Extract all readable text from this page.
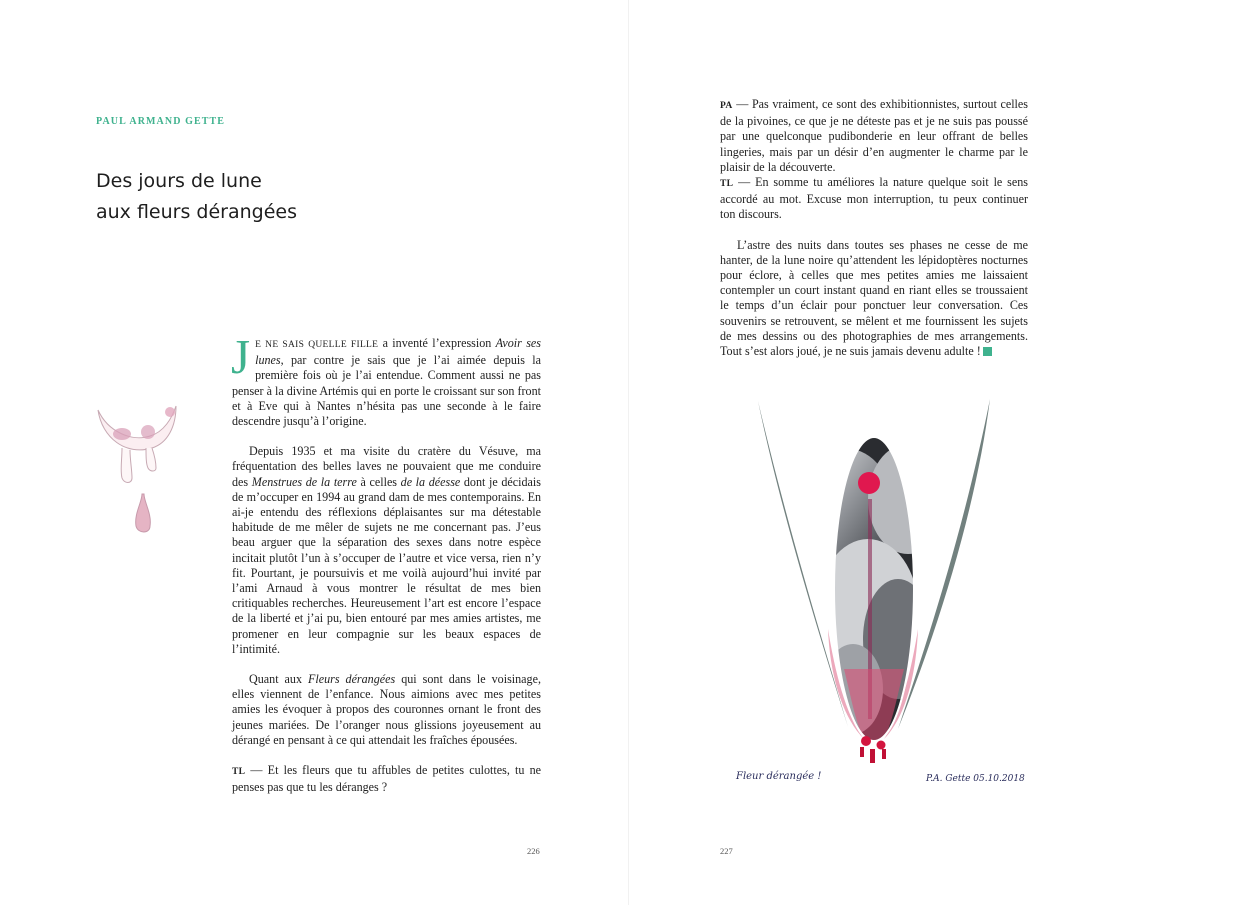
PAUL ARMAND GETTE
Des jours de lune
aux fleurs dérangées

J E NE SAIS QUELLE FILLE a inventé l’expression Avoir ses lunes, par contre je sais que je l’ai aimée depuis la première fois où je l’ai entendue. Comment aussi ne pas penser à la divine Artémis qui en porte le croissant sur son front et à Eve qui à Nantes n’hésita pas une seconde à le faire descendre jusqu’à l’origine.

Depuis 1935 et ma visite du cratère du Vésuve, ma fréquentation des belles laves ne pouvaient que me conduire des Menstrues de la terre à celles de la déesse dont je décidais de m’occuper en 1994 au grand dam de mes contemporains. En ai-je entendu des réflexions déplaisantes sur ma détestable habitude de me mêler de sujets ne me concernant pas. J’eus beau arguer que la séparation des sexes dans notre espèce incitait plutôt l’un à s’occuper de l’autre et vice versa, rien n’y fit. Pourtant, je poursuivis et me voilà aujourd’hui invité par l’ami Arnaud à vous montrer le résultat de mes bien critiquables recherches. Heureusement l’art est encore l’espace de la liberté et j’ai pu, bien entouré par mes amies artistes, me promener en leur compagnie sur les beaux espaces de l’intimité.

Quant aux Fleurs dérangées qui sont dans le voisinage, elles viennent de l’enfance. Nous aimions avec mes petites amies les évoquer à propos des couronnes ornant le front des jeunes mariées. De l’oranger nous glissions joyeusement au dérangé en pensant à ce qui attendait les fraîches épousées.

TL — Et les fleurs que tu affubles de petites culottes, tu ne penses pas que tu les déranges ?

226

PA — Pas vraiment, ce sont des exhibitionnistes, surtout celles de la pivoines, ce que je ne déteste pas et je ne suis pas poussé par une quelconque pudibonderie en leur offrant de belles lingeries, mais par un désir d’en augmenter le charme par le plaisir de la découverte.

TL — En somme tu améliores la nature quelque soit le sens accordé au mot. Excuse mon interruption, tu peux continuer ton discours.

L’astre des nuits dans toutes ses phases ne cesse de me hanter, de la lune noire qu’attendent les lépidoptères nocturnes pour éclore, à celles que mes petites amies me laissaient contempler un court instant quand en riant elles se troussaient le temps d’un éclair pour ponctuer leur conversation. Ces souvenirs se retrouvent, se mêlent et me fournissent les sujets de mes dessins ou des photographies de mes arrangements. Tout s’est alors joué, je ne suis jamais devenu adulte !

Fleur dérangée !	P.A. Gette 05.10.2018
227
